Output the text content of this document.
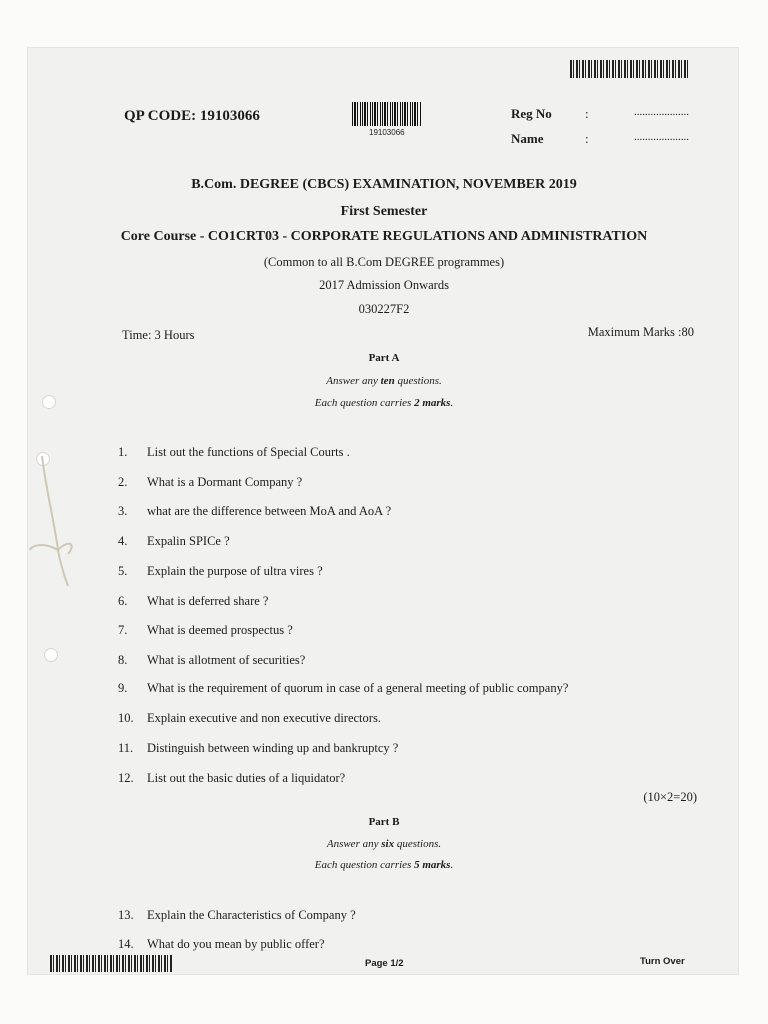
QP CODE: 19103066
19103066
Reg No	:	....................
Name	:	....................
B.Com. DEGREE (CBCS) EXAMINATION, NOVEMBER 2019
First Semester
Core Course - CO1CRT03 - CORPORATE REGULATIONS AND ADMINISTRATION
(Common to all B.Com DEGREE programmes)
2017 Admission Onwards
030227F2
Time: 3 Hours	Maximum Marks :80
Part A
Answer any ten questions.
Each question carries 2 marks.
1.	List out the functions of Special Courts .
2.	What is a Dormant Company ?
3.	what are the difference between MoA and AoA ?
4.	Expalin SPICe ?
5.	Explain the purpose of ultra vires ?
6.	What is deferred share ?
7.	What is deemed prospectus ?
8.	What is allotment of securities?
9.	What is the requirement of quorum in case of a general meeting of public company?
10.	Explain executive and non executive directors.
11.	Distinguish between winding up and bankruptcy ?
12.	List out the basic duties of a liquidator?
(10×2=20)
Part B
Answer any six questions.
Each question carries 5 marks.
13.	Explain the Characteristics of Company ?
14.	What do you mean by public offer?
Page 1/2	Turn Over
